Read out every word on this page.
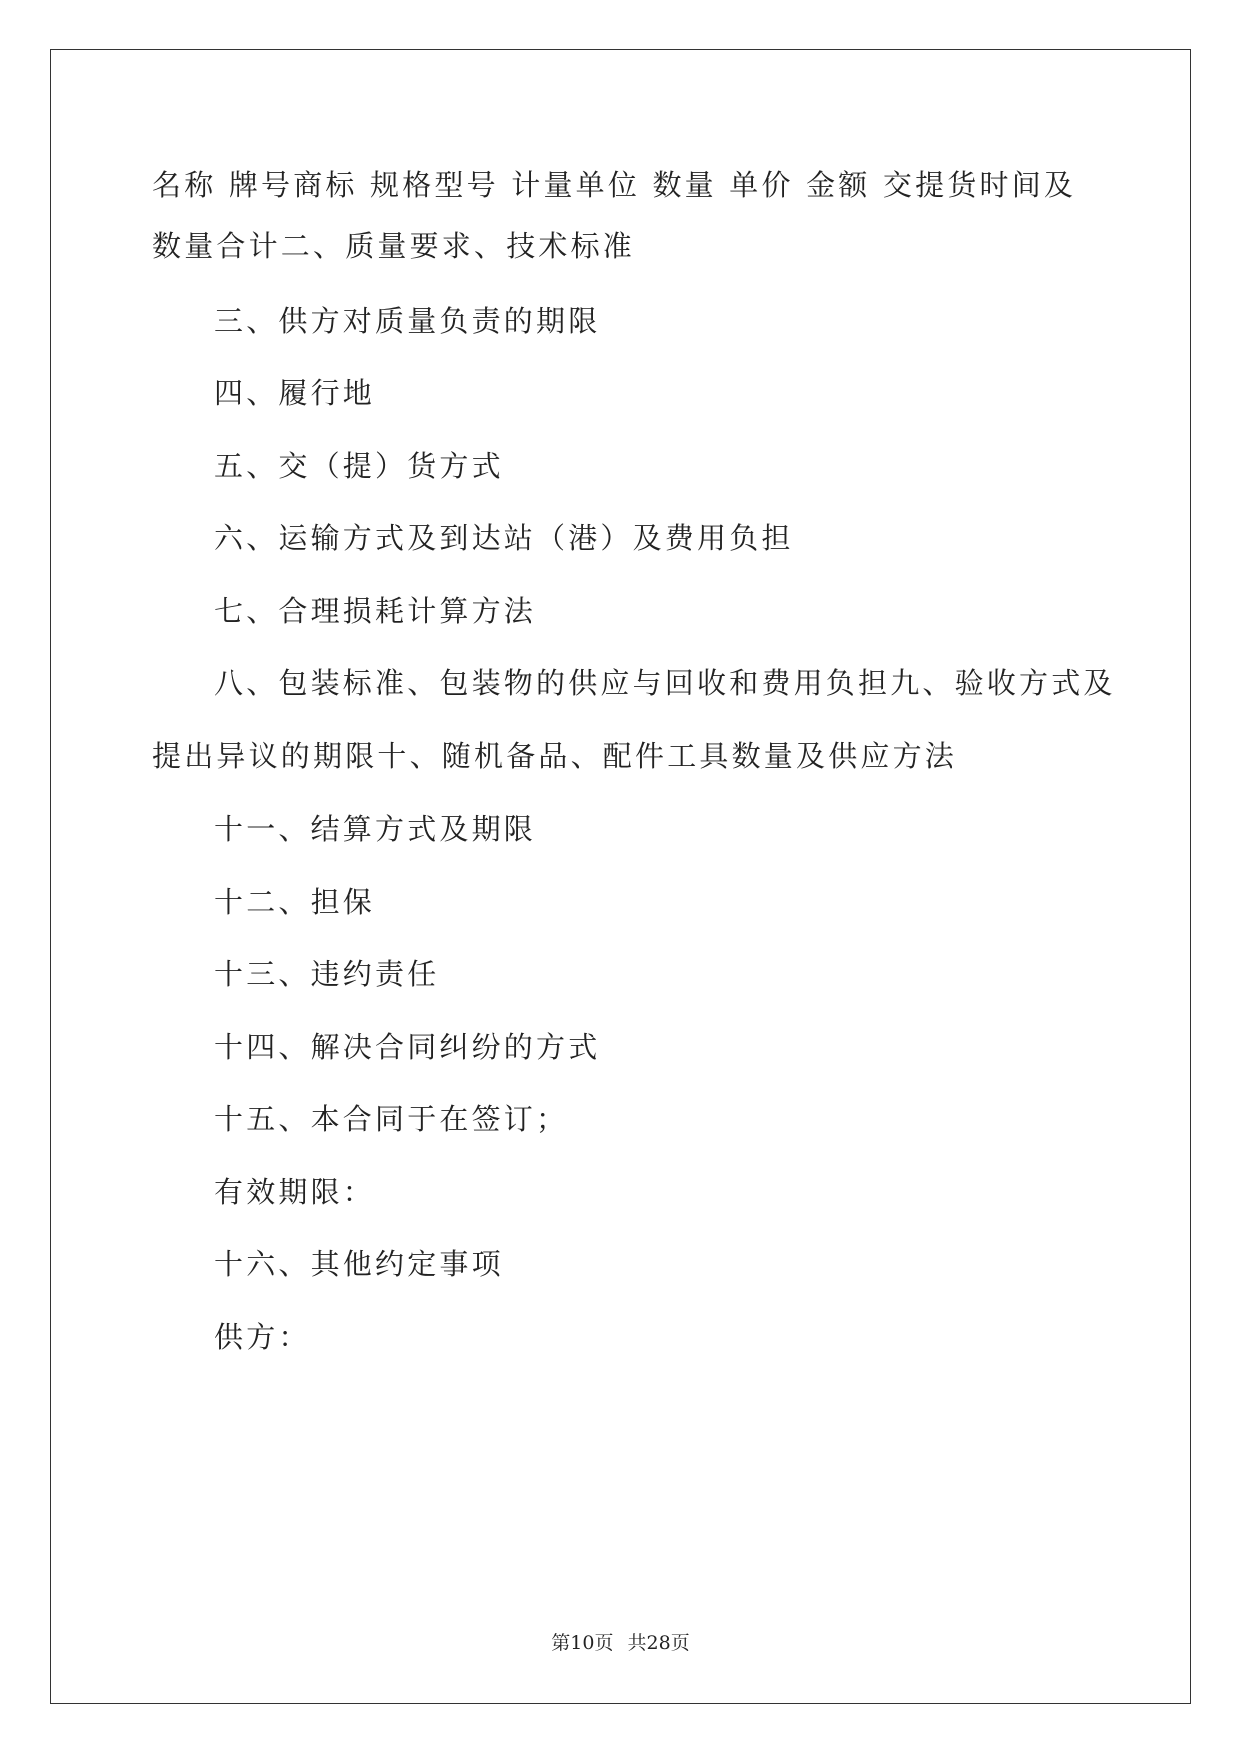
名称 牌号商标 规格型号 计量单位 数量 单价 金额 交提货时间及
数量合计二、质量要求、技术标准
三、供方对质量负责的期限
四、履行地
五、交（提）货方式
六、运输方式及到达站（港）及费用负担
七、合理损耗计算方法
八、包装标准、包装物的供应与回收和费用负担九、验收方式及
提出异议的期限十、随机备品、配件工具数量及供应方法
十一、结算方式及期限
十二、担保
十三、违约责任
十四、解决合同纠纷的方式
十五、本合同于在签订；
有效期限：
十六、其他约定事项
供方：
第10页 共28页
